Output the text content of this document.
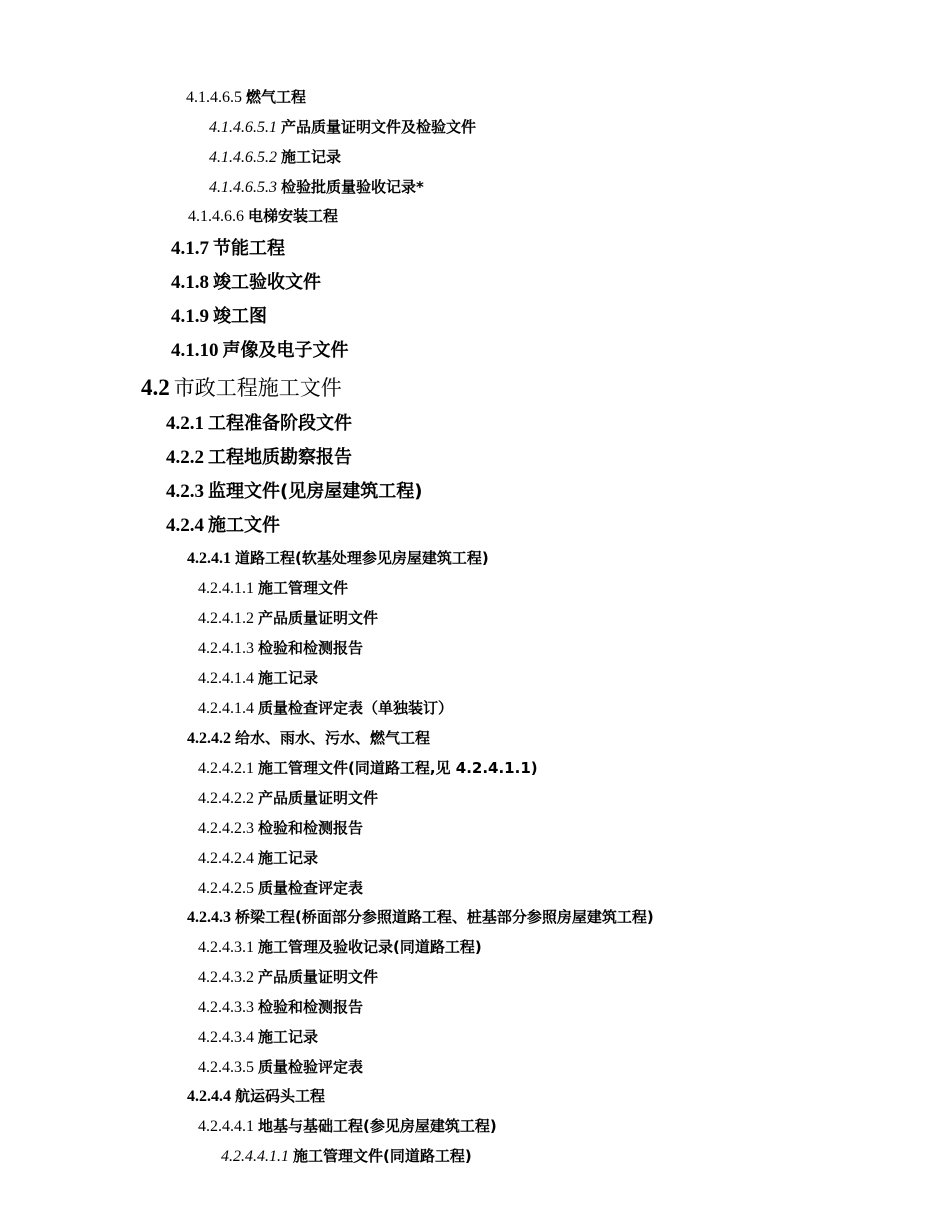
4.1.4.6.5 燃气工程
4.1.4.6.5.1 产品质量证明文件及检验文件
4.1.4.6.5.2 施工记录
4.1.4.6.5.3 检验批质量验收记录*
4.1.4.6.6 电梯安装工程
4.1.7 节能工程
4.1.8 竣工验收文件
4.1.9 竣工图
4.1.10 声像及电子文件
4.2 市政工程施工文件
4.2.1 工程准备阶段文件
4.2.2 工程地质勘察报告
4.2.3 监理文件(见房屋建筑工程)
4.2.4 施工文件
4.2.4.1 道路工程(软基处理参见房屋建筑工程)
4.2.4.1.1 施工管理文件
4.2.4.1.2 产品质量证明文件
4.2.4.1.3 检验和检测报告
4.2.4.1.4 施工记录
4.2.4.1.4 质量检查评定表（单独装订）
4.2.4.2 给水、雨水、污水、燃气工程
4.2.4.2.1 施工管理文件(同道路工程,见 4.2.4.1.1)
4.2.4.2.2 产品质量证明文件
4.2.4.2.3 检验和检测报告
4.2.4.2.4 施工记录
4.2.4.2.5 质量检查评定表
4.2.4.3 桥梁工程(桥面部分参照道路工程、桩基部分参照房屋建筑工程)
4.2.4.3.1 施工管理及验收记录(同道路工程)
4.2.4.3.2 产品质量证明文件
4.2.4.3.3 检验和检测报告
4.2.4.3.4 施工记录
4.2.4.3.5 质量检验评定表
4.2.4.4 航运码头工程
4.2.4.4.1 地基与基础工程(参见房屋建筑工程)
4.2.4.4.1.1 施工管理文件(同道路工程)
